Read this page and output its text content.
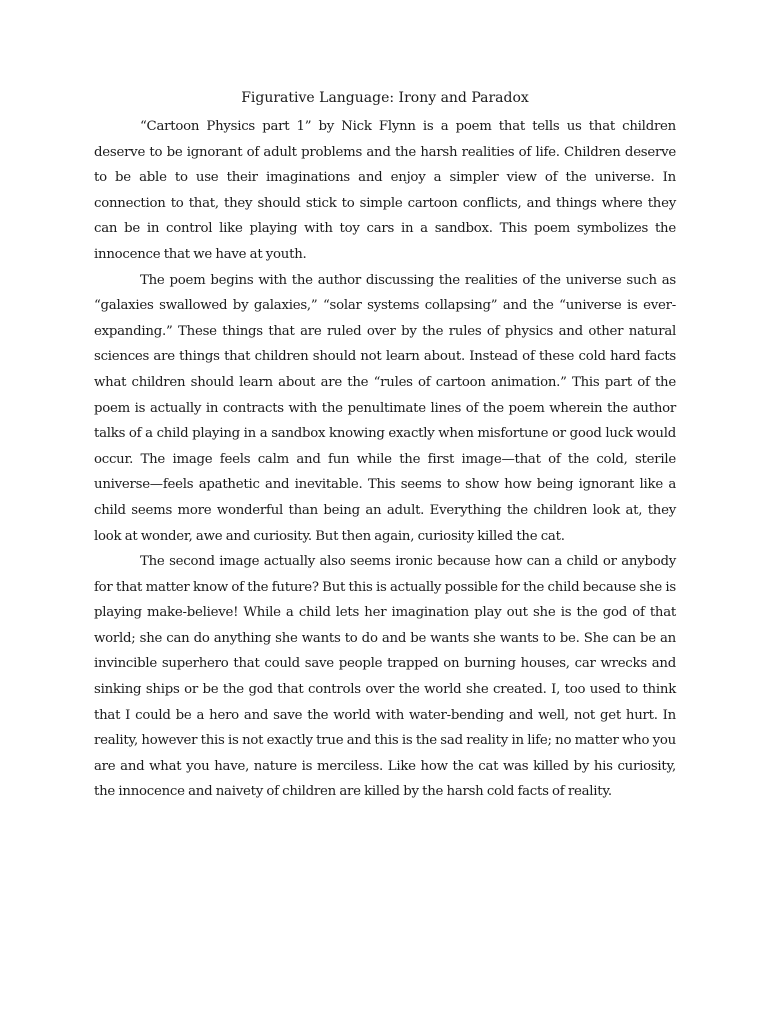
Figurative Language: Irony and Paradox

“Cartoon Physics part 1” by Nick Flynn is a poem that tells us that children deserve to be ignorant of adult problems and the harsh realities of life. Children deserve to be able to use their imaginations and enjoy a simpler view of the universe. In connection to that, they should stick to simple cartoon conflicts, and things where they can be in control like playing with toy cars in a sandbox. This poem symbolizes the innocence that we have at youth.

The poem begins with the author discussing the realities of the universe such as “galaxies swallowed by galaxies,” “solar systems collapsing” and the “universe is ever-expanding.” These things that are ruled over by the rules of physics and other natural sciences are things that children should not learn about. Instead of these cold hard facts what children should learn about are the “rules of cartoon animation.” This part of the poem is actually in contracts with the penultimate lines of the poem wherein the author talks of a child playing in a sandbox knowing exactly when misfortune or good luck would occur. The image feels calm and fun while the first image—that of the cold, sterile universe—feels apathetic and inevitable. This seems to show how being ignorant like a child seems more wonderful than being an adult. Everything the children look at, they look at wonder, awe and curiosity. But then again, curiosity killed the cat.

The second image actually also seems ironic because how can a child or anybody for that matter know of the future? But this is actually possible for the child because she is playing make-believe! While a child lets her imagination play out she is the god of that world; she can do anything she wants to do and be wants she wants to be. She can be an invincible superhero that could save people trapped on burning houses, car wrecks and sinking ships or be the god that controls over the world she created. I, too used to think that I could be a hero and save the world with water-bending and well, not get hurt. In reality, however this is not exactly true and this is the sad reality in life; no matter who you are and what you have, nature is merciless. Like how the cat was killed by his curiosity, the innocence and naivety of children are killed by the harsh cold facts of reality.
